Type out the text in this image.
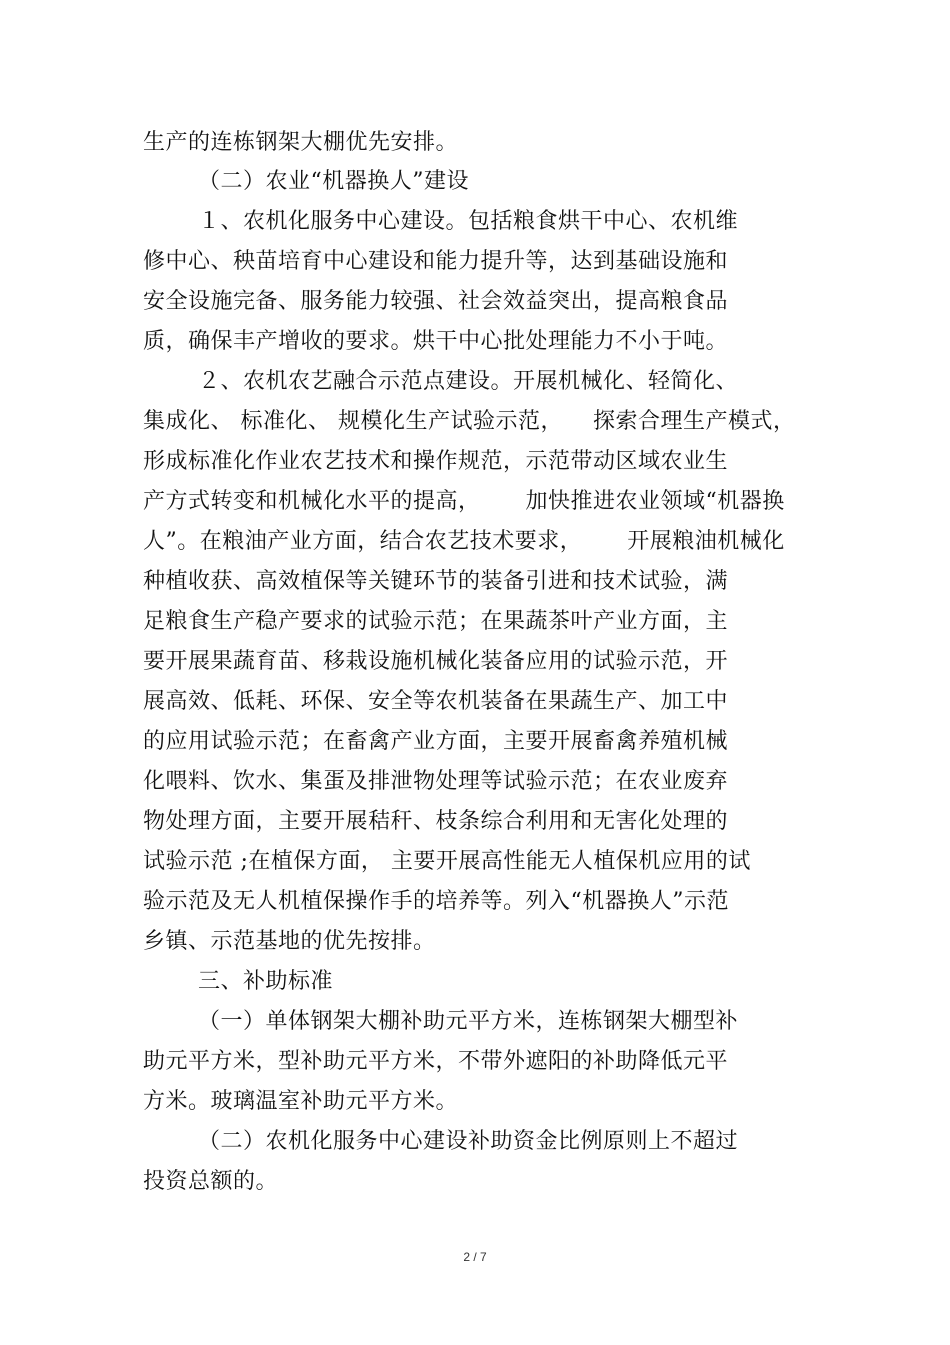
生产的连栋钢架大棚优先安排。
（二）农业“机器换人”建设
１、农机化服务中心建设。包括粮食烘干中心、农机维
修中心、秧苗培育中心建设和能力提升等，达到基础设施和
安全设施完备、服务能力较强、社会效益突出，提高粮食品
质，确保丰产增收的要求。烘干中心批处理能力不小于吨。
２、农机农艺融合示范点建设。开展机械化、轻简化、
集成化、 标准化、 规模化生产试验示范，    探索合理生产模式，
形成标准化作业农艺技术和操作规范，示范带动区域农业生
产方式转变和机械化水平的提高，      加快推进农业领域“机器换
人”。在粮油产业方面，结合农艺技术要求，      开展粮油机械化
种植收获、高效植保等关键环节的装备引进和技术试验，满
足粮食生产稳产要求的试验示范；在果蔬茶叶产业方面，主
要开展果蔬育苗、移栽设施机械化装备应用的试验示范，开
展高效、低耗、环保、安全等农机装备在果蔬生产、加工中
的应用试验示范；在畜禽产业方面，主要开展畜禽养殖机械
化喂料、饮水、集蛋及排泄物处理等试验示范；在农业废弃
物处理方面，主要开展秸秆、枝条综合利用和无害化处理的
试验示范 ;在植保方面， 主要开展高性能无人植保机应用的试
验示范及无人机植保操作手的培养等。列入“机器换人”示范
乡镇、示范基地的优先按排。
三、补助标准
（一）单体钢架大棚补助元平方米，连栋钢架大棚型补
助元平方米，型补助元平方米，不带外遮阳的补助降低元平
方米。玻璃温室补助元平方米。
（二）农机化服务中心建设补助资金比例原则上不超过
投资总额的。
2 / 7
